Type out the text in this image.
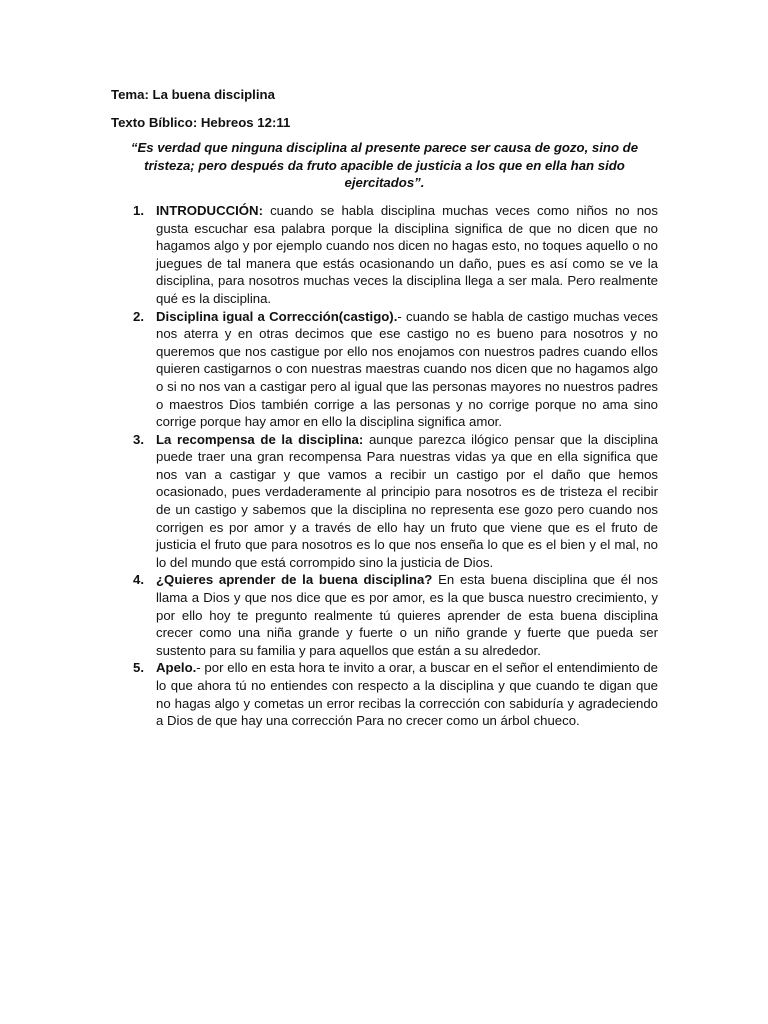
Tema: La buena disciplina

Texto Bíblico: Hebreos 12:11

“Es verdad que ninguna disciplina al presente parece ser causa de gozo, sino de tristeza; pero después da fruto apacible de justicia a los que en ella han sido ejercitados”.

1. INTRODUCCIÓN: cuando se habla disciplina muchas veces como niños no nos gusta escuchar esa palabra porque la disciplina significa de que no dicen que no hagamos algo y por ejemplo cuando nos dicen no hagas esto, no toques aquello o no juegues de tal manera que estás ocasionando un daño, pues es así como se ve la disciplina, para nosotros muchas veces la disciplina llega a ser mala. Pero realmente qué es la disciplina.
2. Disciplina igual a Corrección(castigo).- cuando se habla de castigo muchas veces nos aterra y en otras decimos que ese castigo no es bueno para nosotros y no queremos que nos castigue por ello nos enojamos con nuestros padres cuando ellos quieren castigarnos o con nuestras maestras cuando nos dicen que no hagamos algo o si no nos van a castigar pero al igual que las personas mayores no nuestros padres o maestros Dios también corrige a las personas y no corrige porque no ama sino corrige porque hay amor en ello la disciplina significa amor.
3. La recompensa de la disciplina: aunque parezca ilógico pensar que la disciplina puede traer una gran recompensa Para nuestras vidas ya que en ella significa que nos van a castigar y que vamos a recibir un castigo por el daño que hemos ocasionado, pues verdaderamente al principio para nosotros es de tristeza el recibir de un castigo y sabemos que la disciplina no representa ese gozo pero cuando nos corrigen es por amor y a través de ello hay un fruto que viene que es el fruto de justicia el fruto que para nosotros es lo que nos enseña lo que es el bien y el mal, no lo del mundo que está corrompido sino la justicia de Dios.
4. ¿Quieres aprender de la buena disciplina? En esta buena disciplina que él nos llama a Dios y que nos dice que es por amor, es la que busca nuestro crecimiento, y por ello hoy te pregunto realmente tú quieres aprender de esta buena disciplina crecer como una niña grande y fuerte o un niño grande y fuerte que pueda ser sustento para su familia y para aquellos que están a su alrededor.
5. Apelo.- por ello en esta hora te invito a orar, a buscar en el señor el entendimiento de lo que ahora tú no entiendes con respecto a la disciplina y que cuando te digan que no hagas algo y cometas un error recibas la corrección con sabiduría y agradeciendo a Dios de que hay una corrección Para no crecer como un árbol chueco.
